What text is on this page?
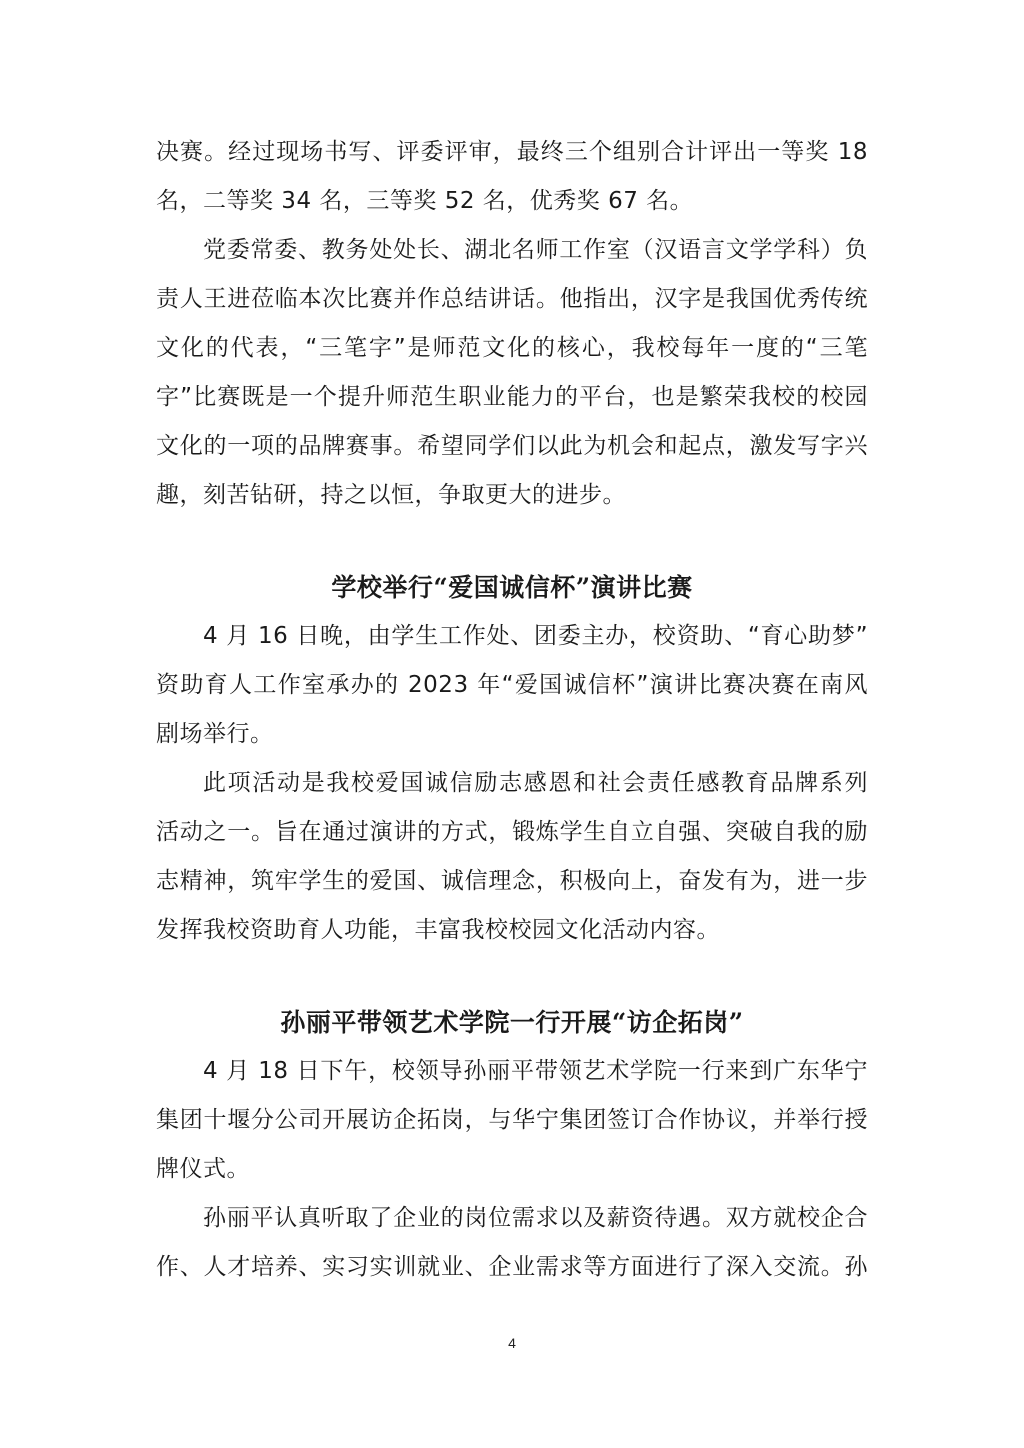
决赛。经过现场书写、评委评审，最终三个组别合计评出一等奖 18
名，二等奖 34 名，三等奖 52 名，优秀奖 67 名。
党委常委、教务处处长、湖北名师工作室（汉语言文学学科）负
责人王进莅临本次比赛并作总结讲话。他指出，汉字是我国优秀传统
文化的代表，“三笔字”是师范文化的核心，我校每年一度的“三笔
字”比赛既是一个提升师范生职业能力的平台，也是繁荣我校的校园
文化的一项的品牌赛事。希望同学们以此为机会和起点，激发写字兴
趣，刻苦钻研，持之以恒，争取更大的进步。
学校举行“爱国诚信杯”演讲比赛
4 月 16 日晚，由学生工作处、团委主办，校资助、“育心助梦”
资助育人工作室承办的 2023 年“爱国诚信杯”演讲比赛决赛在南风
剧场举行。
此项活动是我校爱国诚信励志感恩和社会责任感教育品牌系列
活动之一。旨在通过演讲的方式，锻炼学生自立自强、突破自我的励
志精神，筑牢学生的爱国、诚信理念，积极向上，奋发有为，进一步
发挥我校资助育人功能，丰富我校校园文化活动内容。
孙丽平带领艺术学院一行开展“访企拓岗”
4 月 18 日下午，校领导孙丽平带领艺术学院一行来到广东华宁
集团十堰分公司开展访企拓岗，与华宁集团签订合作协议，并举行授
牌仪式。
孙丽平认真听取了企业的岗位需求以及薪资待遇。双方就校企合
作、人才培养、实习实训就业、企业需求等方面进行了深入交流。孙
4
